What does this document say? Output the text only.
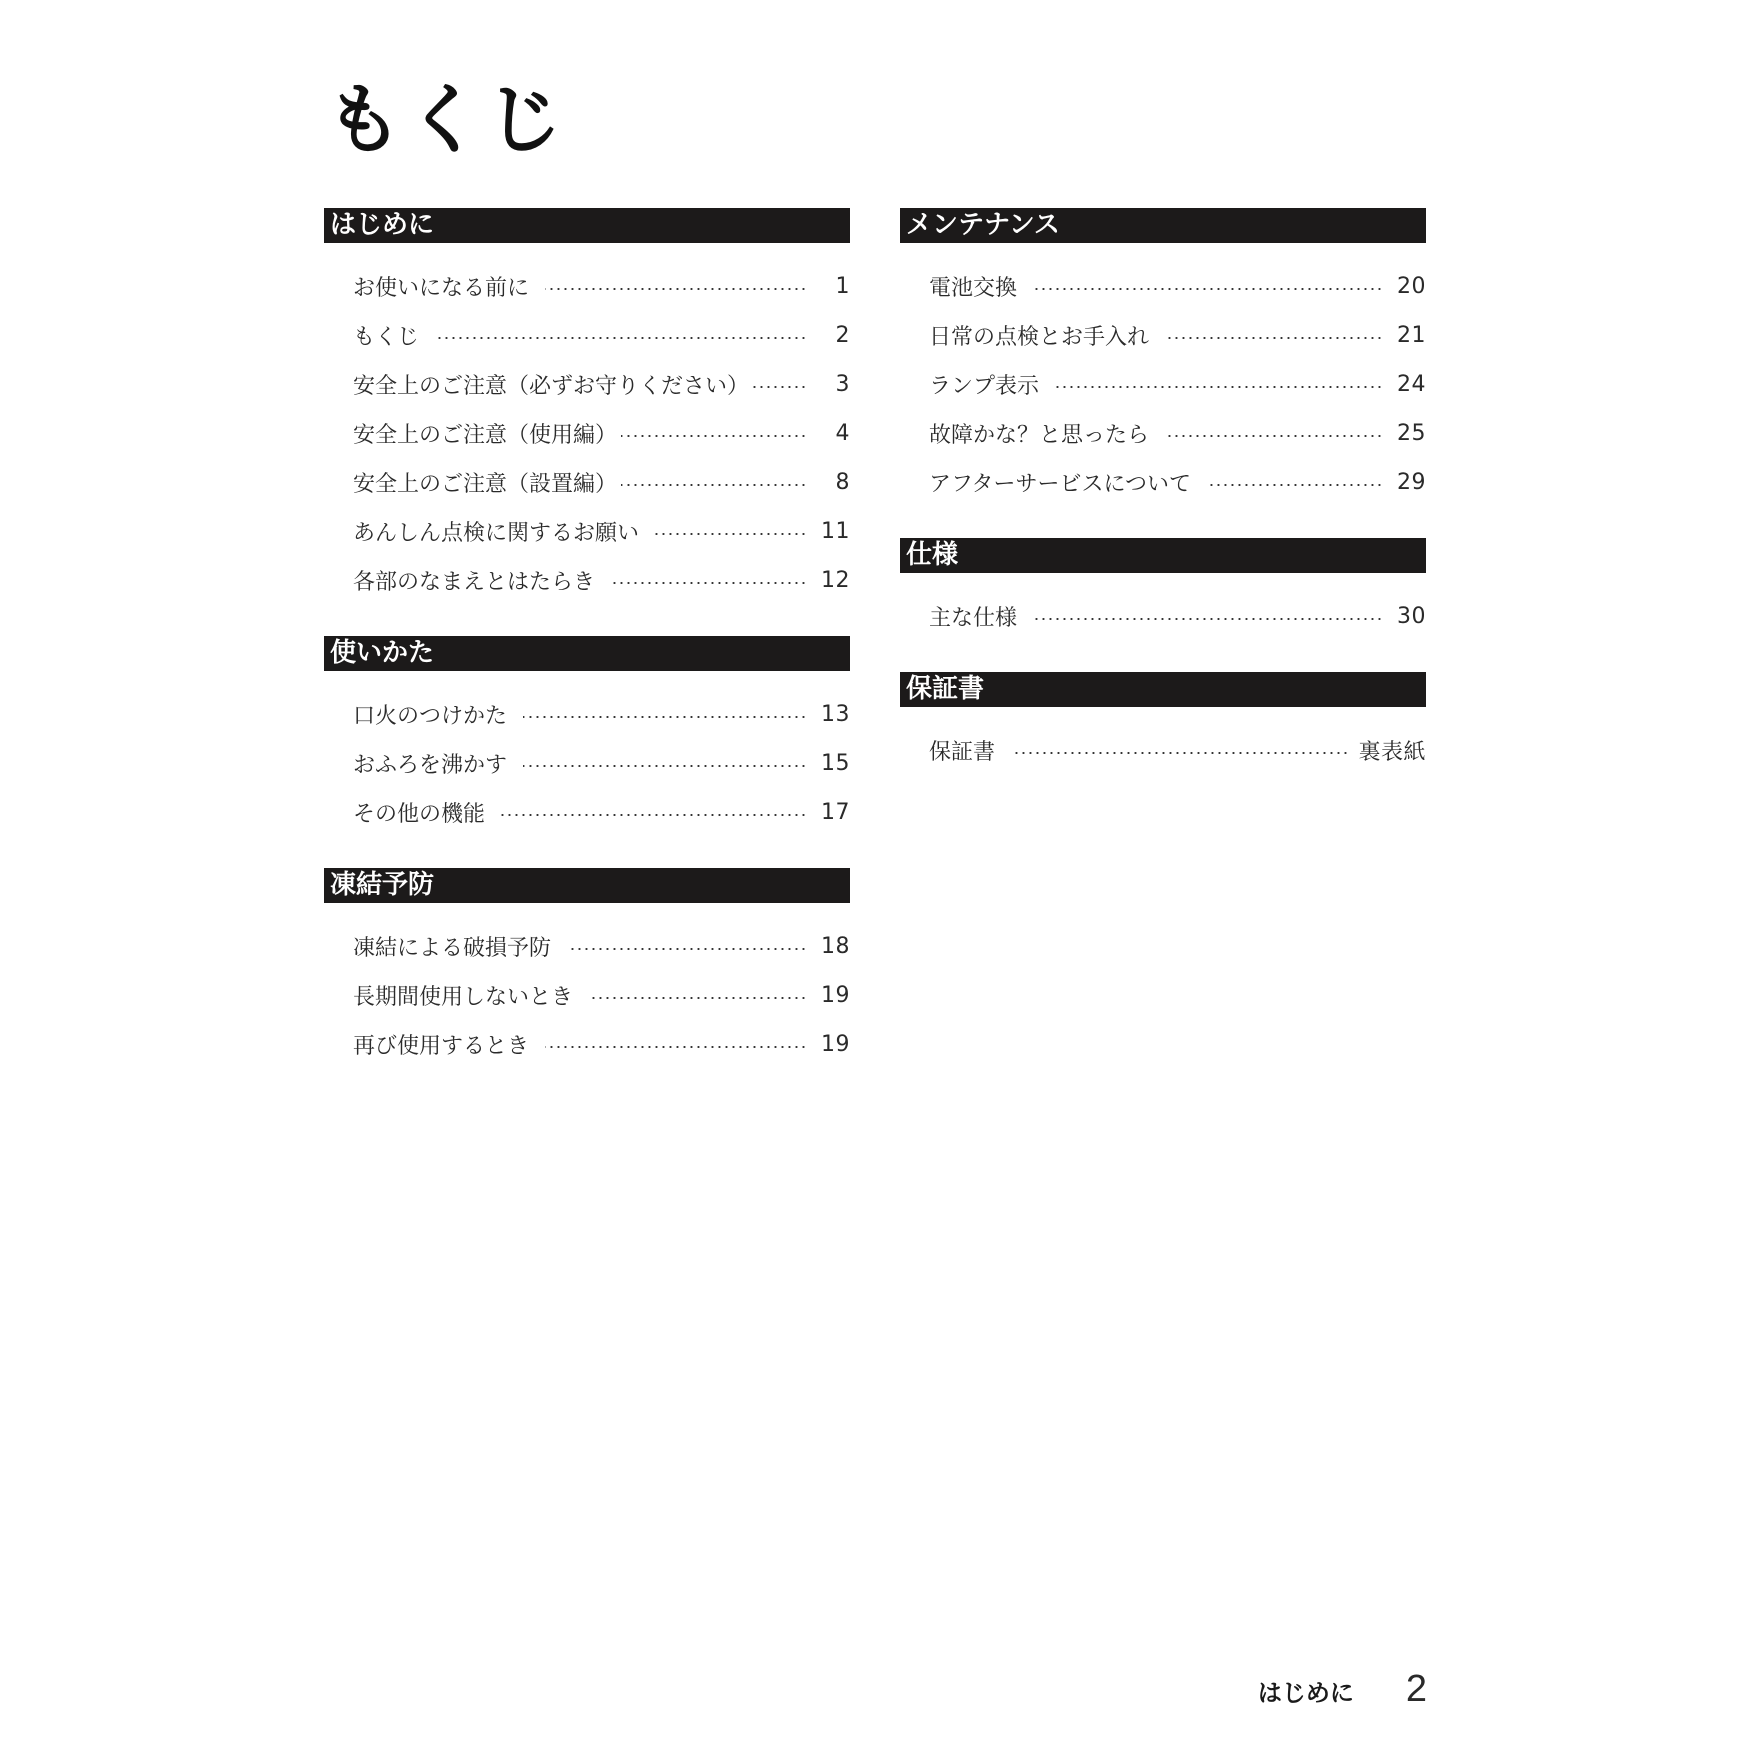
もくじ
はじめに
お使いになる前に	1
もくじ	2
安全上のご注意（必ずお守りください）	3
安全上のご注意（使用編）	4
安全上のご注意（設置編）	8
あんしん点検に関するお願い	11
各部のなまえとはたらき	12
使いかた
口火のつけかた	13
おふろを沸かす	15
その他の機能	17
凍結予防
凍結による破損予防	18
長期間使用しないとき	19
再び使用するとき	19
メンテナンス
電池交換	20
日常の点検とお手入れ	21
ランプ表示	24
故障かな？と思ったら	25
アフターサービスについて	29
仕様
主な仕様	30
保証書
保証書	裏表紙
はじめに 2
